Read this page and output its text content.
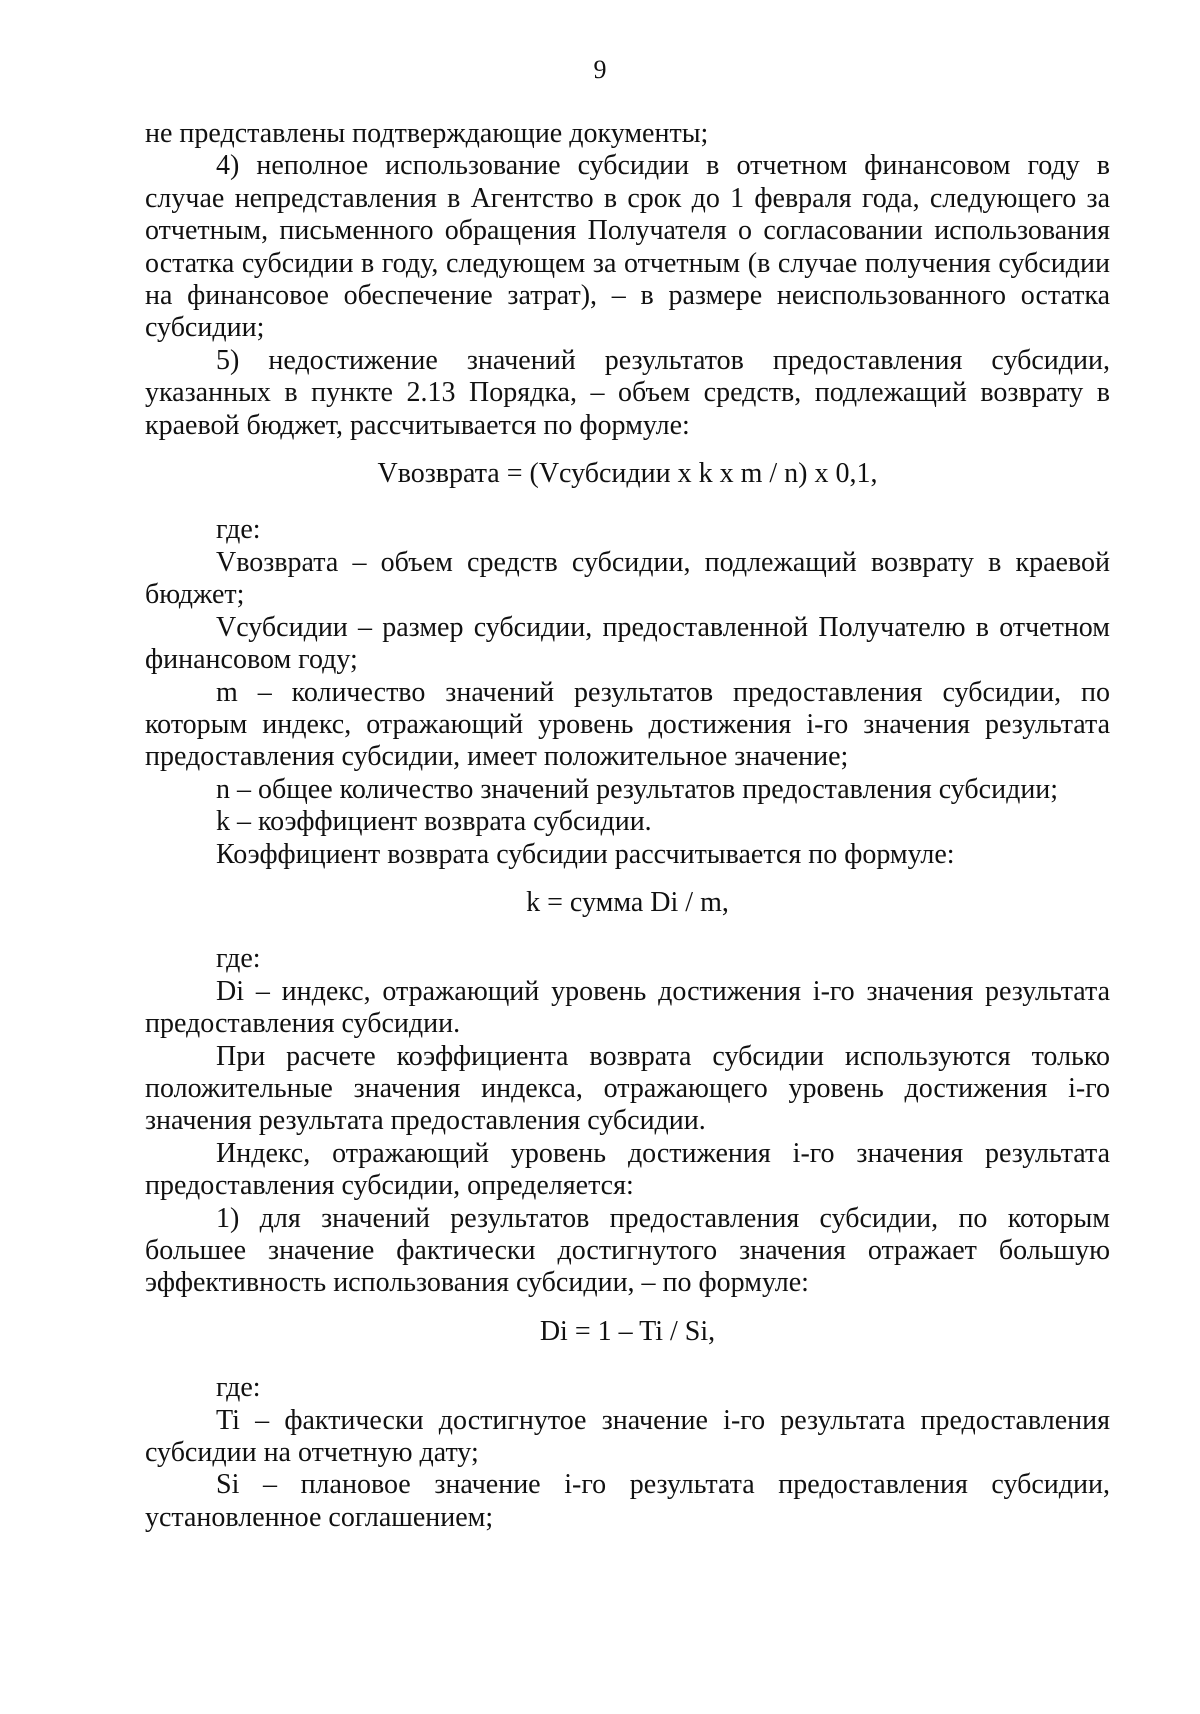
9

не представлены подтверждающие документы;

4) неполное использование субсидии в отчетном финансовом году в случае непредставления в Агентство в срок до 1 февраля года, следующего за отчетным, письменного обращения Получателя о согласовании использования остатка субсидии в году, следующем за отчетным (в случае получения субсидии на финансовое обеспечение затрат), – в размере неиспользованного остатка субсидии;

5) недостижение значений результатов предоставления субсидии, указанных в пункте 2.13 Порядка, – объем средств, подлежащий возврату в краевой бюджет, рассчитывается по формуле:

Vвозврата = (Vсубсидии x k x m / n) x 0,1,

где:

Vвозврата – объем средств субсидии, подлежащий возврату в краевой бюджет;

Vсубсидии – размер субсидии, предоставленной Получателю в отчетном финансовом году;

m – количество значений результатов предоставления субсидии, по которым индекс, отражающий уровень достижения i-го значения результата предоставления субсидии, имеет положительное значение;

n – общее количество значений результатов предоставления субсидии;

k – коэффициент возврата субсидии.

Коэффициент возврата субсидии рассчитывается по формуле:

k = сумма Di / m,

где:

Di – индекс, отражающий уровень достижения i-го значения результата предоставления субсидии.

При расчете коэффициента возврата субсидии используются только положительные значения индекса, отражающего уровень достижения i-го значения результата предоставления субсидии.

Индекс, отражающий уровень достижения i-го значения результата предоставления субсидии, определяется:

1) для значений результатов предоставления субсидии, по которым большее значение фактически достигнутого значения отражает большую эффективность использования субсидии, – по формуле:

Di = 1 – Ti / Si,

где:

Ti – фактически достигнутое значение i-го результата предоставления субсидии на отчетную дату;

Si – плановое значение i-го результата предоставления субсидии, установленное соглашением;
